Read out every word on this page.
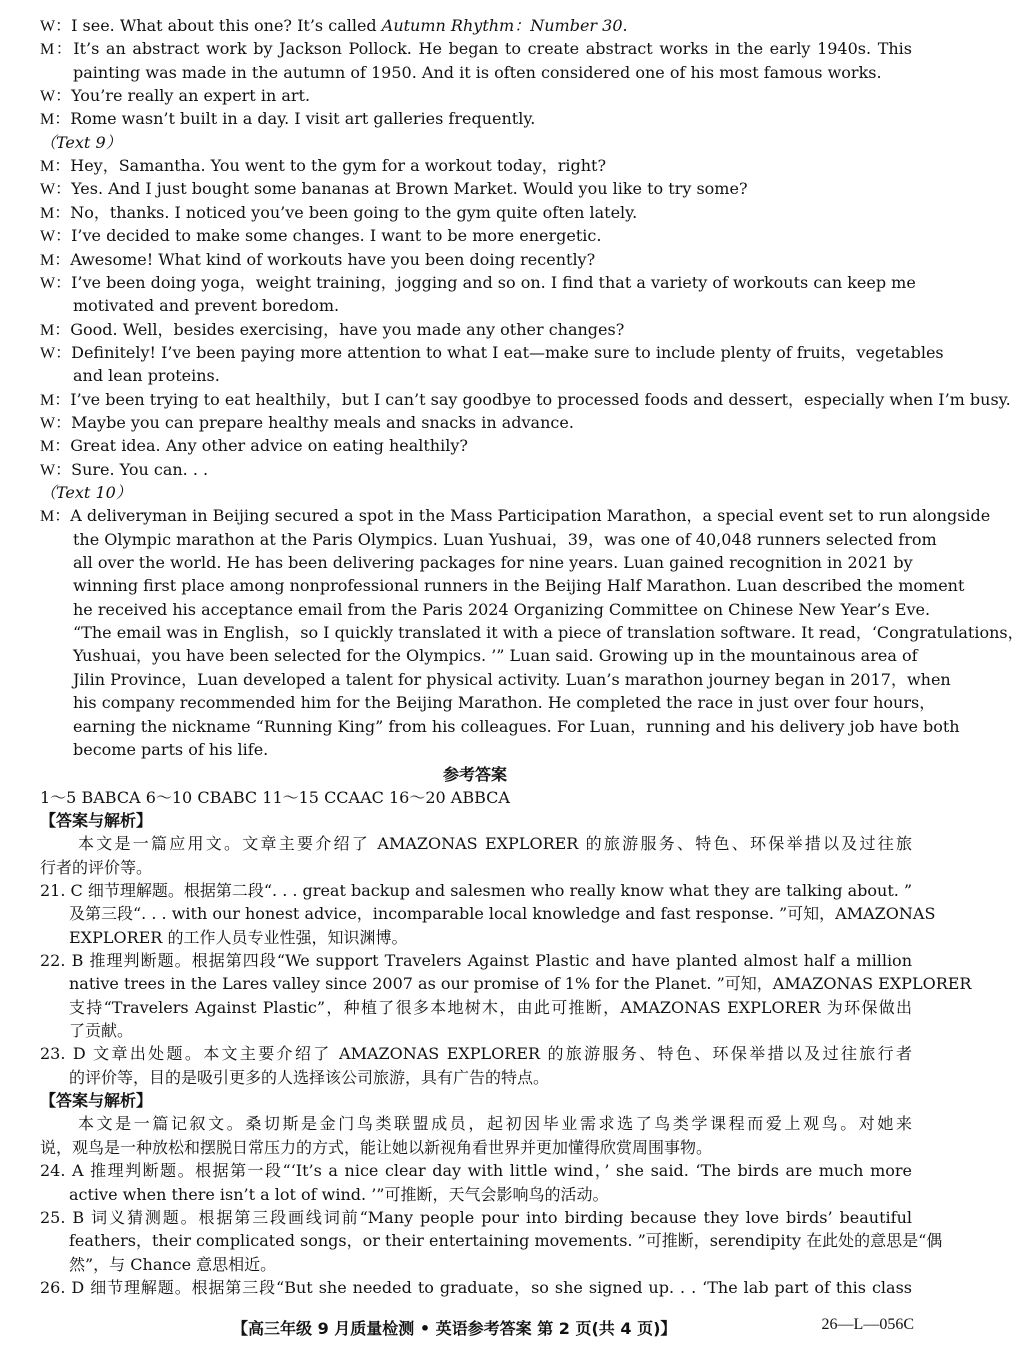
W：I see. What about this one? It’s called Autumn Rhythm：Number 30.
M：It’s an abstract work by Jackson Pollock. He began to create abstract works in the early 1940s. This
painting was made in the autumn of 1950. And it is often considered one of his most famous works.
W：You’re really an expert in art.
M：Rome wasn’t built in a day. I visit art galleries frequently.
（Text 9）
M：Hey，Samantha. You went to the gym for a workout today，right?
W：Yes. And I just bought some bananas at Brown Market. Would you like to try some?
M：No，thanks. I noticed you’ve been going to the gym quite often lately.
W：I’ve decided to make some changes. I want to be more energetic.
M：Awesome! What kind of workouts have you been doing recently?
W：I’ve been doing yoga，weight training，jogging and so on. I find that a variety of workouts can keep me
motivated and prevent boredom.
M：Good. Well，besides exercising，have you made any other changes?
W：Definitely! I’ve been paying more attention to what I eat—make sure to include plenty of fruits，vegetables
and lean proteins.
M：I’ve been trying to eat healthily，but I can’t say goodbye to processed foods and dessert，especially when I’m busy.
W：Maybe you can prepare healthy meals and snacks in advance.
M：Great idea. Any other advice on eating healthily?
W：Sure. You can. . .
（Text 10）
M：A deliveryman in Beijing secured a spot in the Mass Participation Marathon，a special event set to run alongside
the Olympic marathon at the Paris Olympics. Luan Yushuai，39，was one of 40,048 runners selected from
all over the world. He has been delivering packages for nine years. Luan gained recognition in 2021 by
winning first place among nonprofessional runners in the Beijing Half Marathon. Luan described the moment
he received his acceptance email from the Paris 2024 Organizing Committee on Chinese New Year’s Eve.
“The email was in English，so I quickly translated it with a piece of translation software. It read，‘Congratulations，
Yushuai，you have been selected for the Olympics. ’” Luan said. Growing up in the mountainous area of
Jilin Province，Luan developed a talent for physical activity. Luan’s marathon journey began in 2017，when
his company recommended him for the Beijing Marathon. He completed the race in just over four hours，
earning the nickname “Running King” from his colleagues. For Luan，running and his delivery job have both
become parts of his life.
参考答案
1～5 BABCA 6～10 CBABC 11～15 CCAAC 16～20 ABBCA
【答案与解析】
本文是一篇应用文。文章主要介绍了 AMAZONAS EXPLORER 的旅游服务、特色、环保举措以及过往旅
行者的评价等。
21. C 细节理解题。根据第二段“. . . great backup and salesmen who really know what they are talking about. ”
及第三段“. . . with our honest advice，incomparable local knowledge and fast response. ”可知，AMAZONAS
EXPLORER 的工作人员专业性强，知识渊博。
22. B 推理判断题。根据第四段“We support Travelers Against Plastic and have planted almost half a million
native trees in the Lares valley since 2007 as our promise of 1% for the Planet. ”可知，AMAZONAS EXPLORER
支持“Travelers Against Plastic”，种植了很多本地树木，由此可推断，AMAZONAS EXPLORER 为环保做出
了贡献。
23. D 文章出处题。本文主要介绍了 AMAZONAS EXPLORER 的旅游服务、特色、环保举措以及过往旅行者
的评价等，目的是吸引更多的人选择该公司旅游，具有广告的特点。
【答案与解析】
本文是一篇记叙文。桑切斯是金门鸟类联盟成员，起初因毕业需求选了鸟类学课程而爱上观鸟。对她来
说，观鸟是一种放松和摆脱日常压力的方式，能让她以新视角看世界并更加懂得欣赏周围事物。
24. A 推理判断题。根据第一段“‘It’s a nice clear day with little wind，’ she said. ‘The birds are much more
active when there isn’t a lot of wind. ’”可推断，天气会影响鸟的活动。
25. B 词义猜测题。根据第三段画线词前“Many people pour into birding because they love birds’ beautiful
feathers，their complicated songs，or their entertaining movements. ”可推断，serendipity 在此处的意思是“偶
然”，与 Chance 意思相近。
26. D 细节理解题。根据第三段“But she needed to graduate，so she signed up. . . ‘The lab part of this class
【高三年级 9 月质量检测 • 英语参考答案 第 2 页(共 4 页)】	26—L—056C
